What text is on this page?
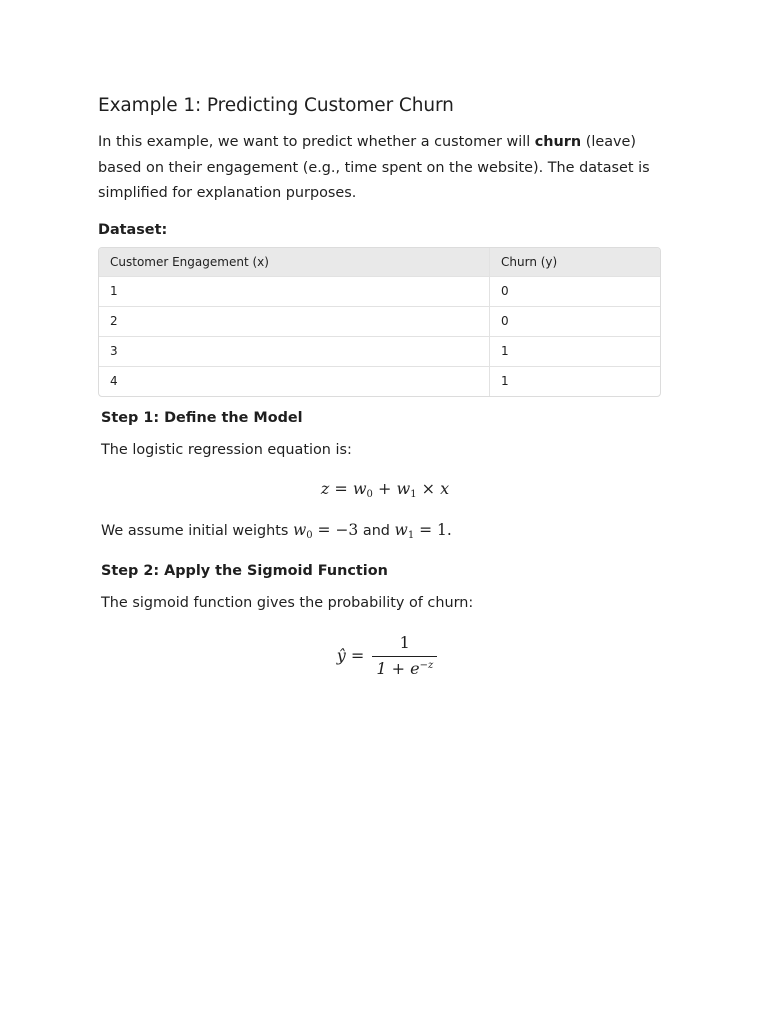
Example 1: Predicting Customer Churn

In this example, we want to predict whether a customer will churn (leave) based on their engagement (e.g., time spent on the website). The dataset is simplified for explanation purposes.

Dataset:

Customer Engagement (x)	Churn (y)
1	0
2	0
3	1
4	1

Step 1: Define the Model

The logistic regression equation is:

$z = w_0 + w_1 \times x$

We assume initial weights $w_0 = -3$ and $w_1 = 1$.

Step 2: Apply the Sigmoid Function

The sigmoid function gives the probability of churn:

ŷ = $\frac{1}{1 + e^{-z}}$
